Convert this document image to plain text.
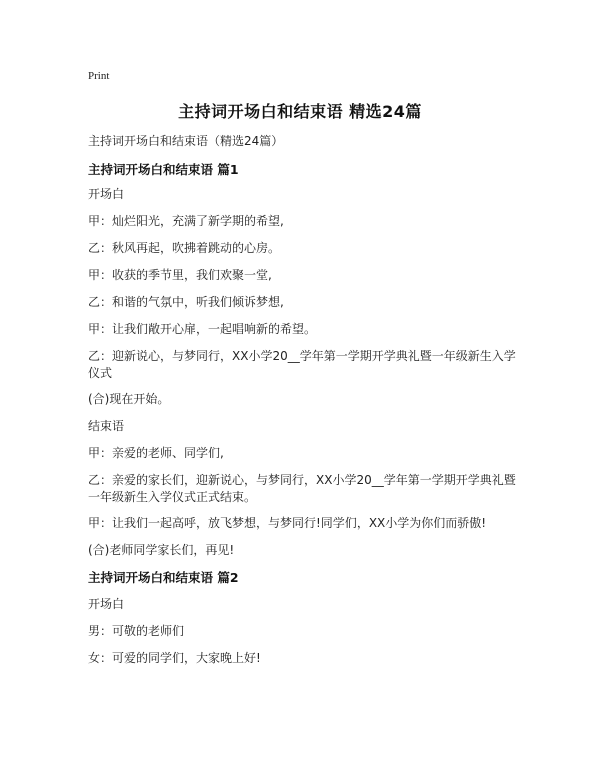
Print
主持词开场白和结束语 精选24篇

主持词开场白和结束语（精选24篇）

主持词开场白和结束语 篇1

开场白

甲：灿烂阳光，充满了新学期的希望,

乙：秋风再起，吹拂着跳动的心房。

甲：收获的季节里，我们欢聚一堂,

乙：和谐的气氛中，听我们倾诉梦想,

甲：让我们敞开心扉，一起唱响新的希望。

乙：迎新说心，与梦同行，XX小学20__学年第一学期开学典礼暨一年级新生入学仪式

(合)现在开始。

结束语

甲：亲爱的老师、同学们,

乙：亲爱的家长们，迎新说心，与梦同行，XX小学20__学年第一学期开学典礼暨一年级新生入学仪式正式结束。

甲：让我们一起高呼，放飞梦想，与梦同行!同学们，XX小学为你们而骄傲!

(合)老师同学家长们，再见!

主持词开场白和结束语 篇2

开场白

男：可敬的老师们

女：可爱的同学们，大家晚上好!
